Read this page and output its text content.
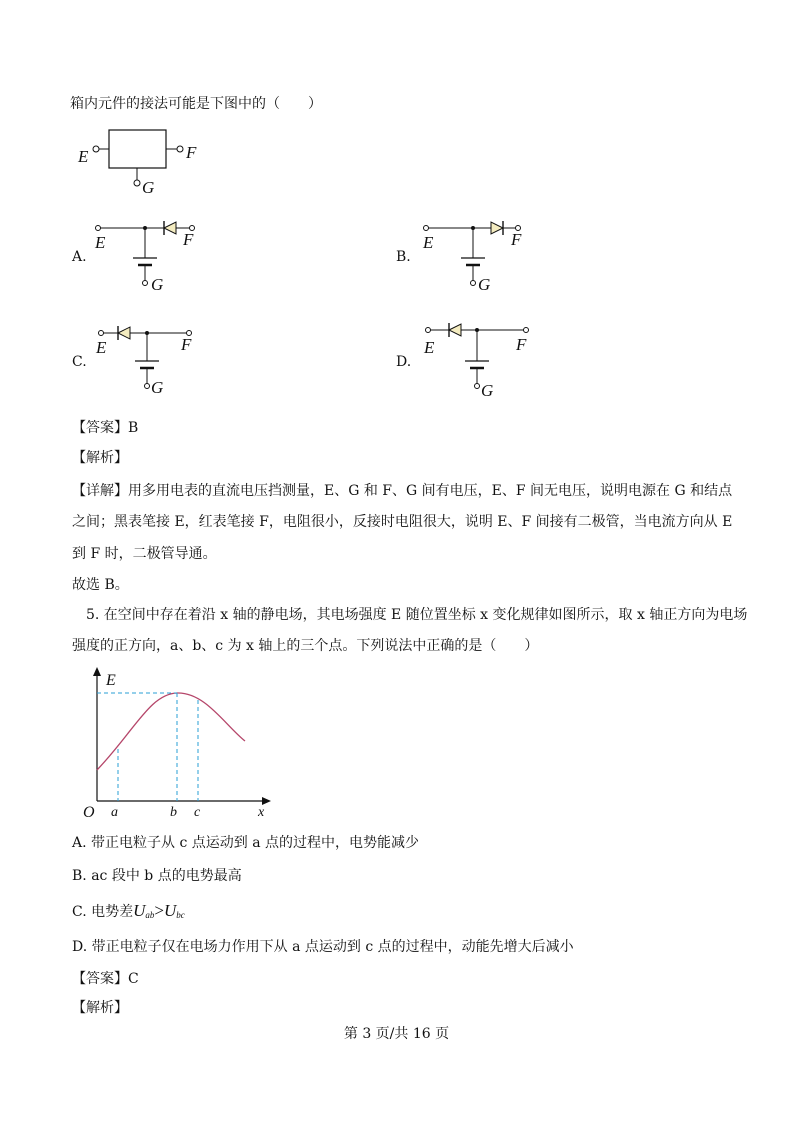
箱内元件的接法可能是下图中的（　　）
E	F
G
A.
E	F
G
B.
E	F
G
C.
E	F
G
D.
E	F
G
【答案】B
【解析】
【详解】用多用电表的直流电压挡测量，E、G 和 F、G 间有电压，E、F 间无电压，说明电源在 G 和结点
之间；黑表笔接 E，红表笔接 F，电阻很小，反接时电阻很大，说明 E、F 间接有二极管，当电流方向从 E
到 F 时，二极管导通。
故选 B。
5. 在空间中存在着沿 x 轴的静电场，其电场强度 E 随位置坐标 x 变化规律如图所示，取 x 轴正方向为电场
强度的正方向，a、b、c 为 x 轴上的三个点。下列说法中正确的是（　　）
E
O a	b c	x
A. 带正电粒子从 c 点运动到 a 点的过程中，电势能减少
B. ac 段中 b 点的电势最高
C. 电势差$U_{ab}>U_{bc}$
D. 带正电粒子仅在电场力作用下从 a 点运动到 c 点的过程中，动能先增大后减小
【答案】C
【解析】
第 3 页/共 16 页
